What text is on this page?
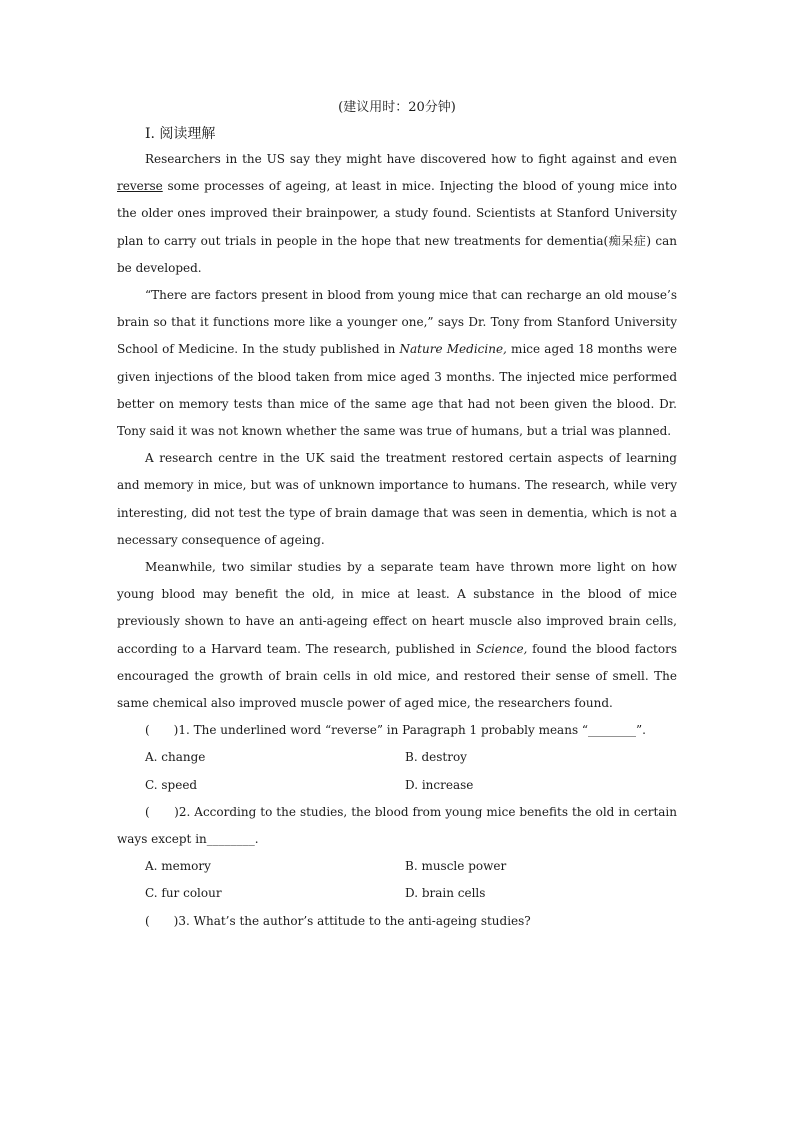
(建议用时：20分钟)
Ⅰ. 阅读理解

Researchers in the US say they might have discovered how to fight against and even reverse some processes of ageing, at least in mice. Injecting the blood of young mice into the older ones improved their brainpower, a study found. Scientists at Stanford University plan to carry out trials in people in the hope that new treatments for dementia(痴呆症) can be developed.

“There are factors present in blood from young mice that can recharge an old mouse’s brain so that it functions more like a younger one,” says Dr. Tony from Stanford University School of Medicine. In the study published in Nature Medicine, mice aged 18 months were given injections of the blood taken from mice aged 3 months. The injected mice performed better on memory tests than mice of the same age that had not been given the blood. Dr. Tony said it was not known whether the same was true of humans, but a trial was planned.

A research centre in the UK said the treatment restored certain aspects of learning and memory in mice, but was of unknown importance to humans. The research, while very interesting, did not test the type of brain damage that was seen in dementia, which is not a necessary consequence of ageing.

Meanwhile, two similar studies by a separate team have thrown more light on how young blood may benefit the old, in mice at least. A substance in the blood of mice previously shown to have an anti-ageing effect on heart muscle also improved brain cells, according to a Harvard team. The research, published in Science, found the blood factors encouraged the growth of brain cells in old mice, and restored their sense of smell. The same chemical also improved muscle power of aged mice, the researchers found.

(　　)1. The underlined word “reverse” in Paragraph 1 probably means “________”.

A. change	B. destroy
C. speed	D. increase

(　　)2. According to the studies, the blood from young mice benefits the old in certain ways except in________.

A. memory	B. muscle power
C. fur colour	D. brain cells

(　　)3. What’s the author’s attitude to the anti-ageing studies?
